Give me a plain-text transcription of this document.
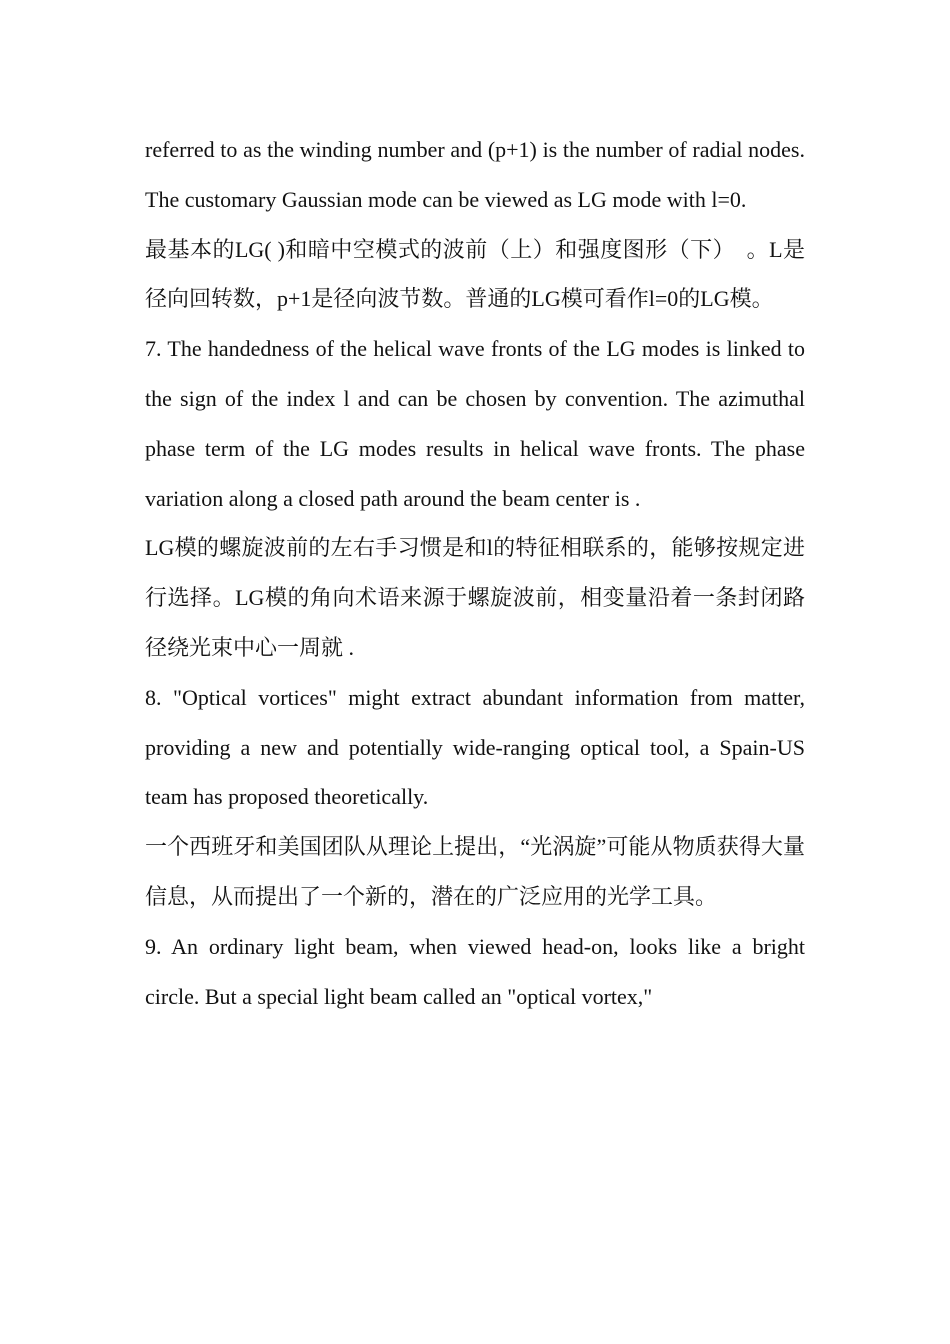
referred to as the winding number and (p+1) is the number of radial nodes. The customary Gaussian mode can be viewed as LG mode with l=0.

最基本的LG( )和暗中空模式的波前（上）和强度图形（下）　。L是径向回转数，p+1是径向波节数。普通的LG模可看作l=0的LG模。

7. The handedness of the helical wave fronts of the LG modes is linked to the sign of the index l and can be chosen by convention. The azimuthal phase term of the LG modes results in helical wave fronts. The phase variation along a closed path around the beam center is .

LG模的螺旋波前的左右手习惯是和l的特征相联系的，能够按规定进行选择。LG模的角向术语来源于螺旋波前，相变量沿着一条封闭路径绕光束中心一周就 .

8. "Optical vortices" might extract abundant information from matter, providing a new and potentially wide-ranging optical tool, a Spain-US team has proposed theoretically.

一个西班牙和美国团队从理论上提出，“光涡旋”可能从物质获得大量信息，从而提出了一个新的，潜在的广泛应用的光学工具。

9. An ordinary light beam, when viewed head-on, looks like a bright circle. But a special light beam called an "optical vortex,"
